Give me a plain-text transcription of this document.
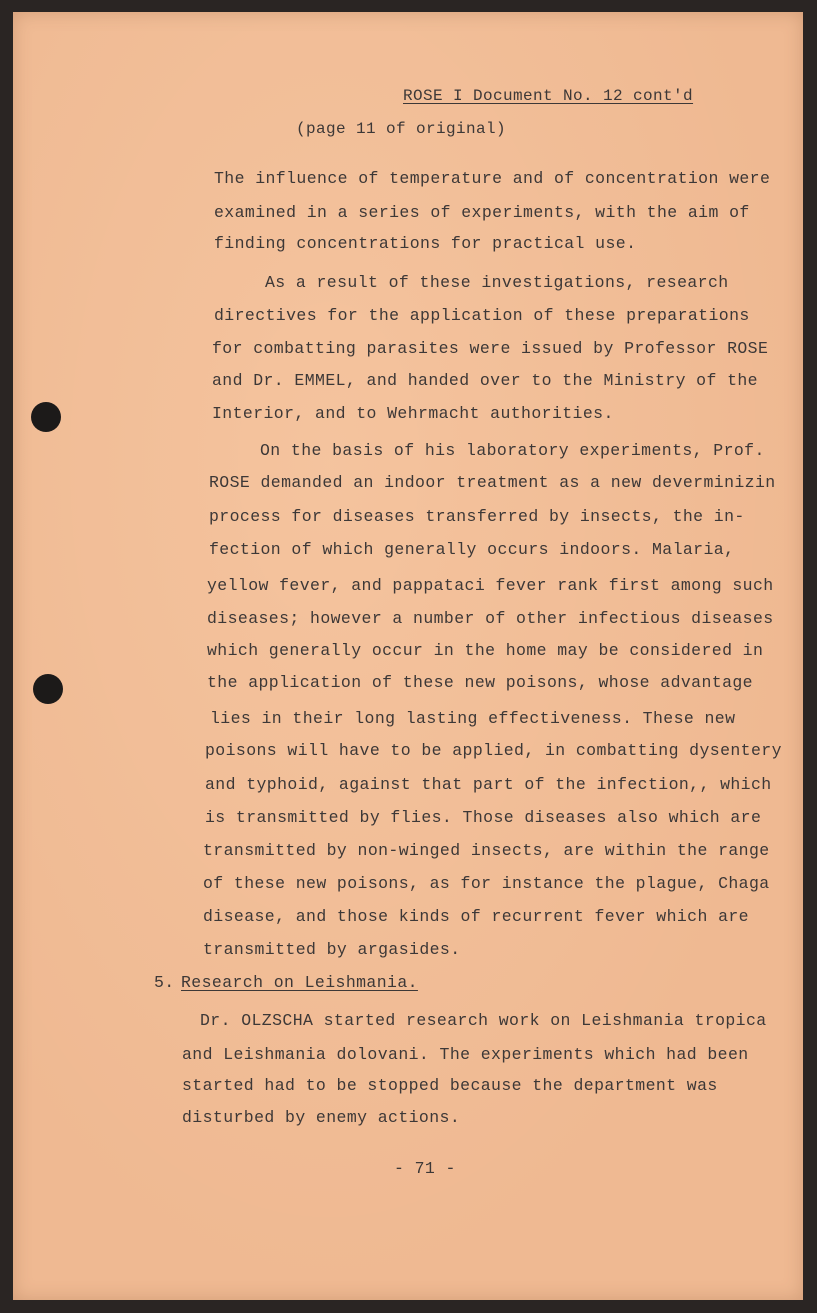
ROSE I Document No. 12 cont'd
(page 11 of original)
The influence of temperature and of concentration were
examined in a series of experiments, with the aim of
finding concentrations for practical use.
As a result of these investigations, research
directives for the application of these preparations
for combatting parasites were issued by Professor ROSE
and Dr. EMMEL, and handed over to the Ministry of the
Interior, and to Wehrmacht authorities.
On the basis of his laboratory experiments, Prof.
ROSE demanded an indoor treatment as a new deverminizin
process for diseases transferred by insects, the in-
fection of which generally occurs indoors. Malaria,
yellow fever, and pappataci fever rank first among such
diseases; however a number of other infectious diseases
which generally occur in the home may be considered in
the application of these new poisons, whose advantage
lies in their long lasting effectiveness. These new
poisons will have to be applied, in combatting dysentery
and typhoid, against that part of the infection,, which
is transmitted by flies. Those diseases also which are
transmitted by non-winged insects, are within the range
of these new poisons, as for instance the plague, Chaga
disease, and those kinds of recurrent fever which are
transmitted by argasides.
5. Research on Leishmania.
Dr. OLZSCHA started research work on Leishmania tropica
and Leishmania dolovani. The experiments which had been
started had to be stopped because the department was
disturbed by enemy actions.
- 71 -
